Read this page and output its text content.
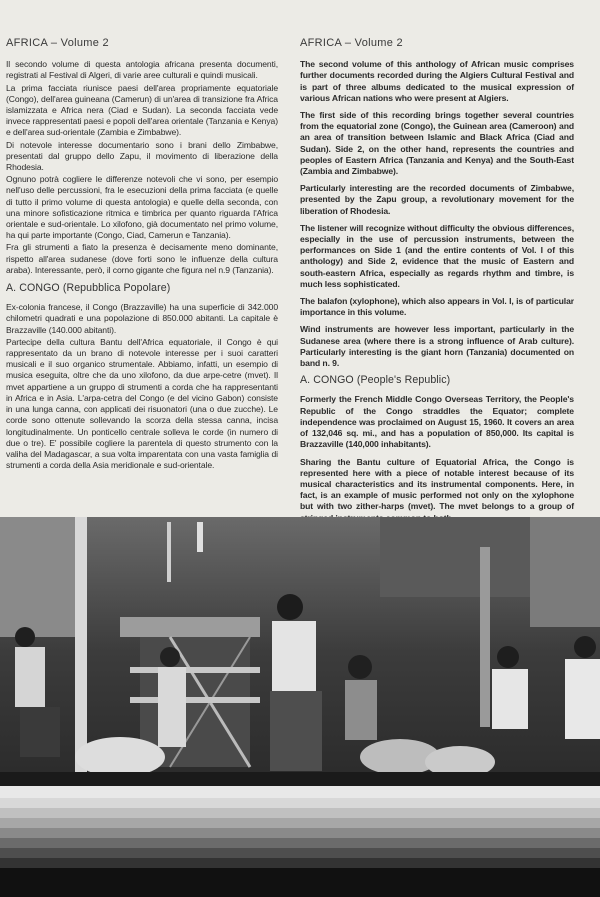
AFRICA – Volume 2

Il secondo volume di questa antologia africana presenta documenti, registrati al Festival di Algeri, di varie aree culturali e quindi musicali.

La prima facciata riunisce paesi dell'area propriamente equatoriale (Congo), dell'area guineana (Camerun) di un'area di transizione fra Africa islamizzata e Africa nera (Ciad e Sudan). La seconda facciata vede invece rappresentati paesi e popoli dell'area orientale (Tanzania e Kenya) e dell'area sud-orientale (Zambia e Zimbabwe).

Di notevole interesse documentario sono i brani dello Zimbabwe, presentati dal gruppo dello Zapu, il movimento di liberazione della Rhodesia.

Ognuno potrà cogliere le differenze notevoli che vi sono, per esempio nell'uso delle percussioni, fra le esecuzioni della prima facciata (e quelle di tutto il primo volume di questa antologia) e quelle della seconda, con una minore sofisticazione ritmica e timbrica per quanto riguarda l'Africa orientale e sud-orientale. Lo xilofono, già documentato nel primo volume, ha qui parte importante (Congo, Ciad, Camerun e Tanzania).

Fra gli strumenti a fiato la presenza è decisamente meno dominante, rispetto all'area sudanese (dove forti sono le influenze della cultura araba). Interessante, però, il corno gigante che figura nel n.9 (Tanzania).

A. CONGO (Repubblica Popolare)

Ex-colonia francese, il Congo (Brazzaville) ha una superficie di 342.000 chilometri quadrati e una popolazione di 850.000 abitanti. La capitale è Brazzaville (140.000 abitanti).

Partecipe della cultura Bantu dell'Africa equatoriale, il Congo è qui rappresentato da un brano di notevole interesse per i suoi caratteri musicali e il suo organico strumentale. Abbiamo, infatti, un esempio di musica eseguita, oltre che da uno xilofono, da due arpe-cetre (mvet). Il mvet appartiene a un gruppo di strumenti a corda che ha rappresentanti in Africa e in Asia. L'arpa-cetra del Congo (e del vicino Gabon) consiste in una lunga canna, con applicati dei risuonatori (una o due zucche). Le corde sono ottenute sollevando la scorza della stessa canna, incisa longitudinalmente. Un ponticello centrale solleva le corde (in numero di due o tre). E' possibile cogliere la parentela di questo strumento con la valiha del Madagascar, a sua volta imparentata con una vasta famiglia di strumenti a corda della Asia meridionale e sud-orientale.

AFRICA – Volume 2

The second volume of this anthology of African music comprises further documents recorded during the Algiers Cultural Festival and is part of three albums dedicated to the musical expression of various African nations who were present at Algiers.

The first side of this recording brings together several countries from the equatorial zone (Congo), the Guinean area (Cameroon) and an area of transition between Islamic and Black Africa (Ciad and Sudan). Side 2, on the other hand, represents the countries and peoples of Eastern Africa (Tanzania and Kenya) and the South-East (Zambia and Zimbabwe).

Particularly interesting are the recorded documents of Zimbabwe, presented by the Zapu group, a revolutionary movement for the liberation of Rhodesia.

The listener will recognize without difficulty the obvious differences, especially in the use of percussion instruments, between the performances on Side 1 (and the entire contents of Vol. I of this anthology) and Side 2, evidence that the music of Eastern and south-eastern Africa, especially as regards rhythm and timbre, is much less sophisticated.

The balafon (xylophone), which also appears in Vol. I, is of particular importance in this volume.

Wind instruments are however less important, particularly in the Sudanese area (where there is a strong influence of Arab culture). Particularly interesting is the giant horn (Tanzania) documented on band n. 9.

A. CONGO (People's Republic)

Formerly the French Middle Congo Overseas Territory, the People's Republic of the Congo straddles the Equator; complete independence was proclaimed on August 15, 1960. It covers an area of 132,046 sq. mi., and has a population of 850,000. Its capital is Brazzaville (140,000 inhabitants).

Sharing the Bantu culture of Equatorial Africa, the Congo is represented here with a piece of notable interest because of its musical characteristics and its instrumental components. Here, in fact, is an example of music performed not only on the xylophone but with two zither-harps (mvet). The mvet belongs to a group of
